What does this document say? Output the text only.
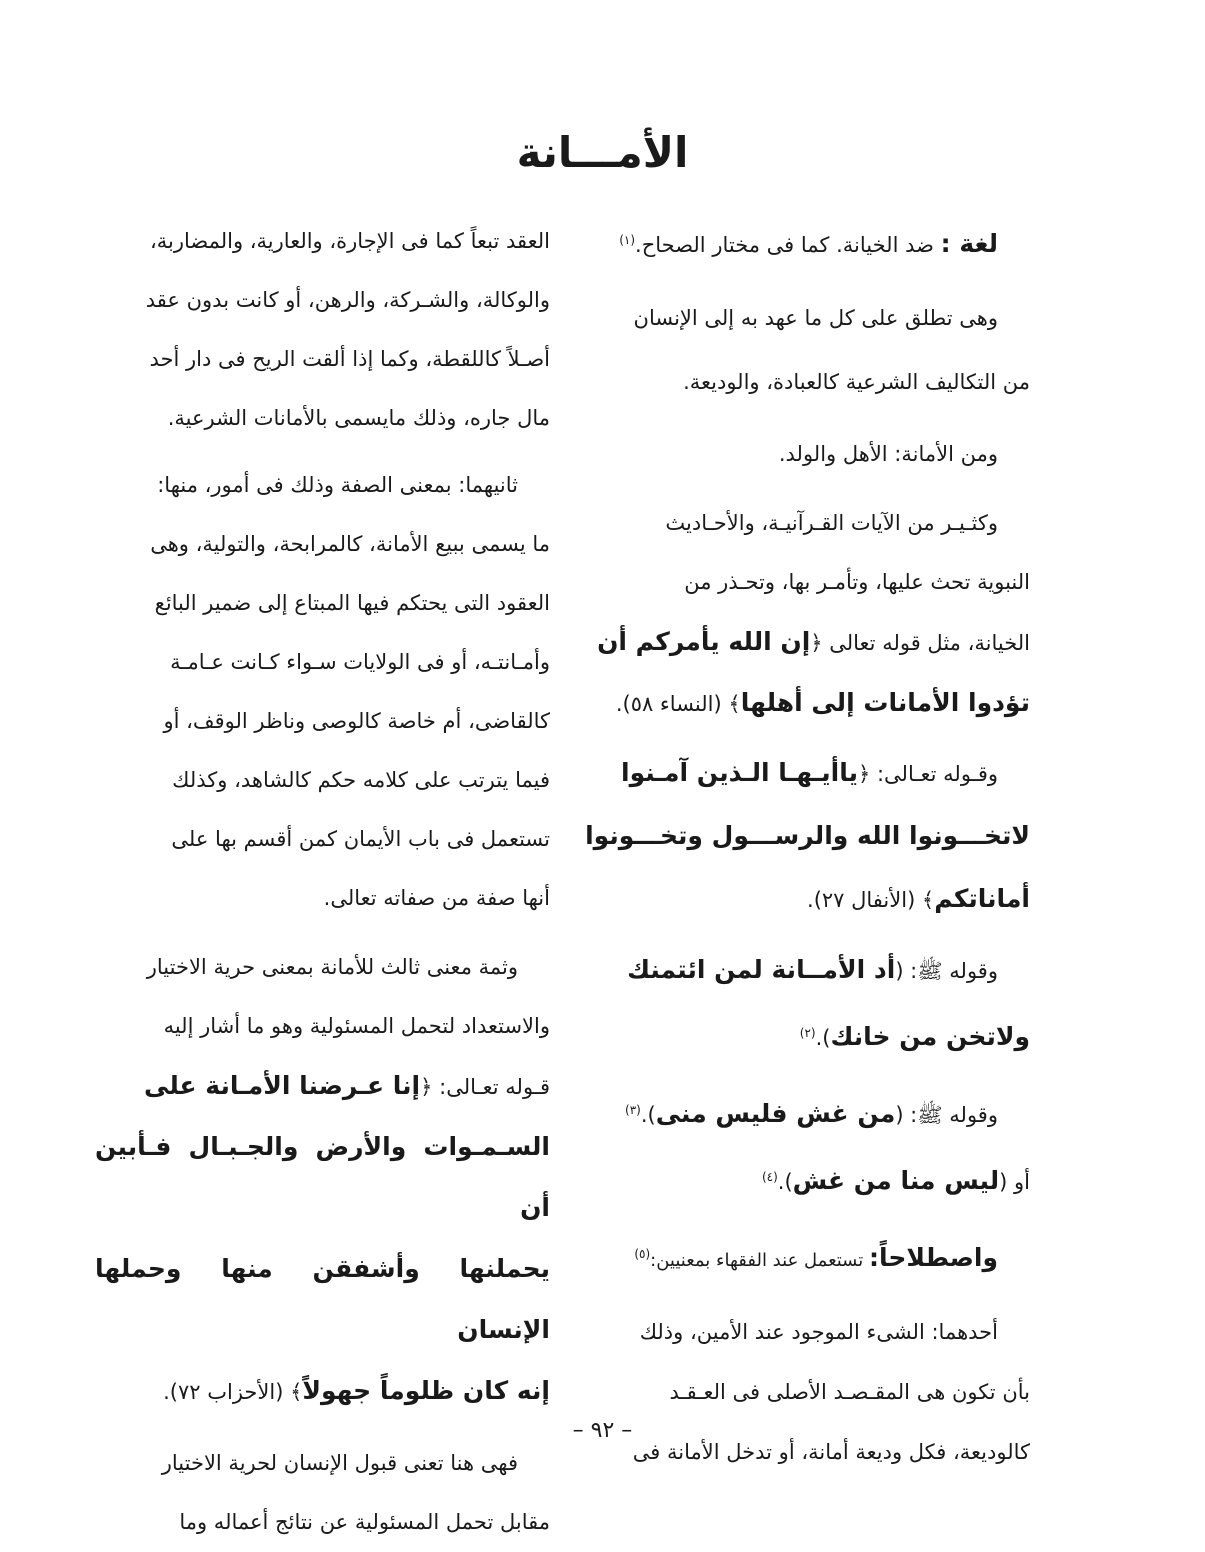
الأمـــانة
لغة : ضد الخيانة. كما فى مختار الصحاح.$^{(١)}$
وهى تطلق على كل ما عهد به إلى الإنسان
من التكاليف الشرعية كالعبادة، والوديعة.
ومن الأمانة: الأهل والولد.
وكثـيـر من الآيات القـرآنيـة، والأحـاديث
النبوية تحث عليها، وتأمـر بها، وتحـذر من
الخيانة، مثل قوله تعالى ﴿إن الله يأمركم أن
تؤدوا الأمانات إلى أهلها﴾ (النساء ٥٨).
وقـوله تعـالى: ﴿ياأيـهـا الـذين آمـنوا
لاتخـــونوا الله والرســـول وتخـــونوا
أماناتكم﴾ (الأنفال ٢٧).
وقوله ﷺ: (أد الأمــانة لمن ائتمنك
ولاتخن من خانك).$^{(٢)}$
وقوله ﷺ: (من غش فليس منى).$^{(٣)}$
أو (ليس منا من غش).$^{(٤)}$
واصطلاحاً: تستعمل عند الفقهاء بمعنيين:$^{(٥)}$
أحدهما: الشىء الموجود عند الأمين، وذلك
بأن تكون هى المقـصـد الأصلى فى العـقـد
كالوديعة، فكل وديعة أمانة، أو تدخل الأمانة فى
العقد تبعاً كما فى الإجارة، والعارية، والمضاربة،
والوكالة، والشـركة، والرهن، أو كانت بدون عقد
أصـلاً كاللقطة، وكما إذا ألقت الريح فى دار أحد
مال جاره، وذلك مايسمى بالأمانات الشرعية.
ثانيهما: بمعنى الصفة وذلك فى أمور، منها:
ما يسمى ببيع الأمانة، كالمرابحة، والتولية، وهى
العقود التى يحتكم فيها المبتاع إلى ضمير البائع
وأمـانتـه، أو فى الولايات سـواء كـانت عـامـة
كالقاضى، أم خاصة كالوصى وناظر الوقف، أو
فيما يترتب على كلامه حكم كالشاهد، وكذلك
تستعمل فى باب الأيمان كمن أقسم بها على
أنها صفة من صفاته تعالى.
وثمة معنى ثالث للأمانة بمعنى حرية الاختيار
والاستعداد لتحمل المسئولية وهو ما أشار إليه
قـوله تعـالى: ﴿إنا عـرضنا الأمـانة على
السـمـوات والأرض والجـبـال فـأبين أن
يحملنها وأشفقن منها وحملها الإنسان
إنه كان ظلوماً جهولاً﴾ (الأحزاب ٧٢).
فهى هنا تعنى قبول الإنسان لحرية الاختيار
مقابل تحمل المسئولية عن نتائج أعماله وما
– ٩٢ –
